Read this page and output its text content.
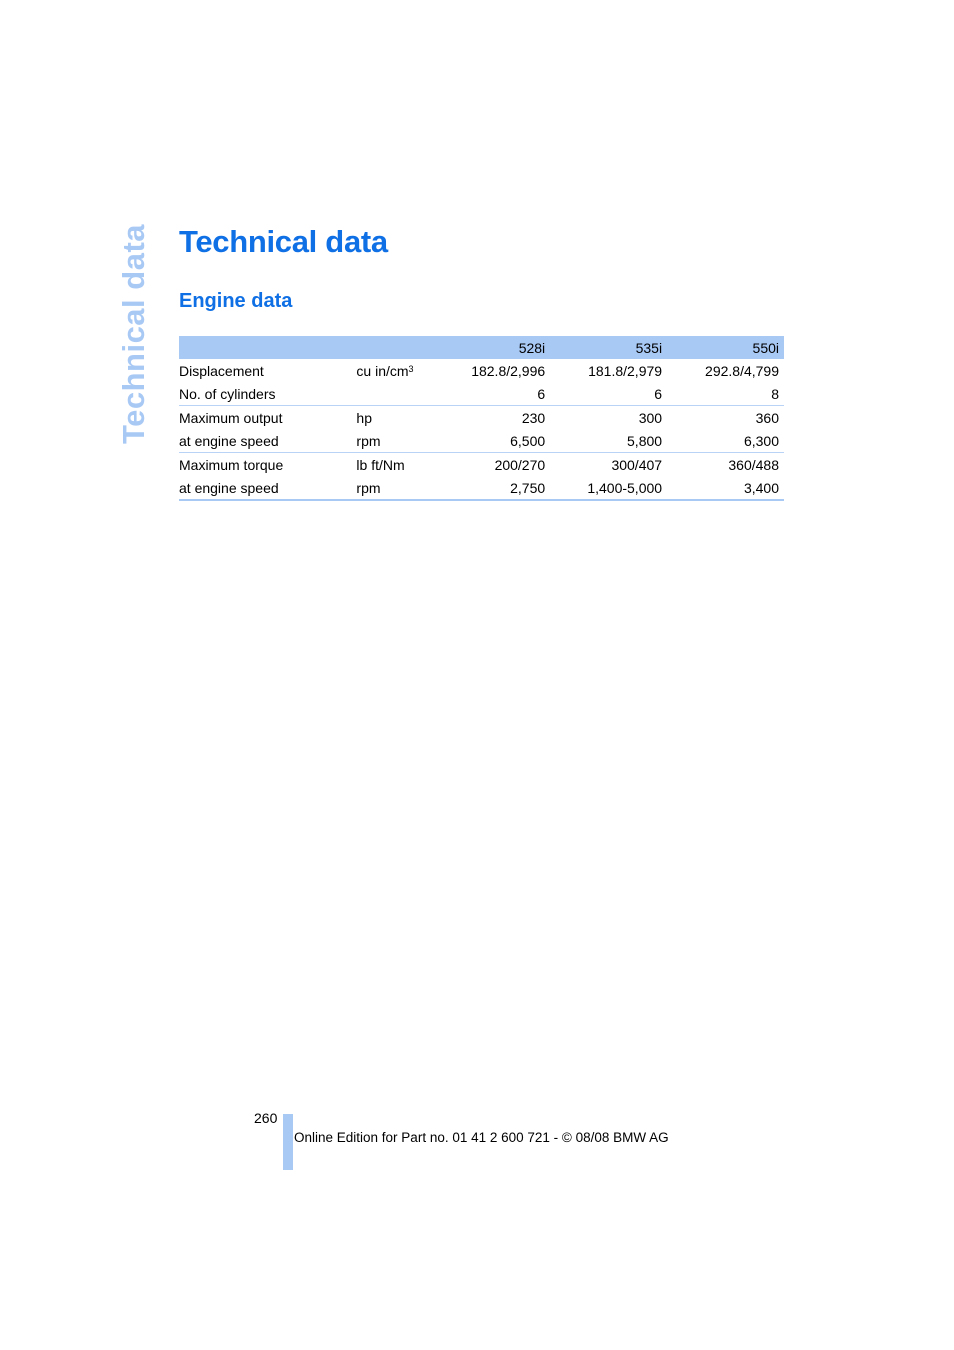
Technical data Technical data
Engine data
		528i	535i	550i
Displacement	cu $in/cm^3$	182.8/2,996	181.8/2,979	292.8/4,799
No. of cylinders		6	6	8
Maximum output	hp	230	300	360
at engine speed	rpm	6,500	5,800	6,300
Maximum torque	lb ft/Nm	200/270	300/407	360/488
at engine speed	rpm	2,750	1,400-5,000	3,400
260
Online Edition for Part no. 01 41 2 600 721 - © 08/08 BMW AG
